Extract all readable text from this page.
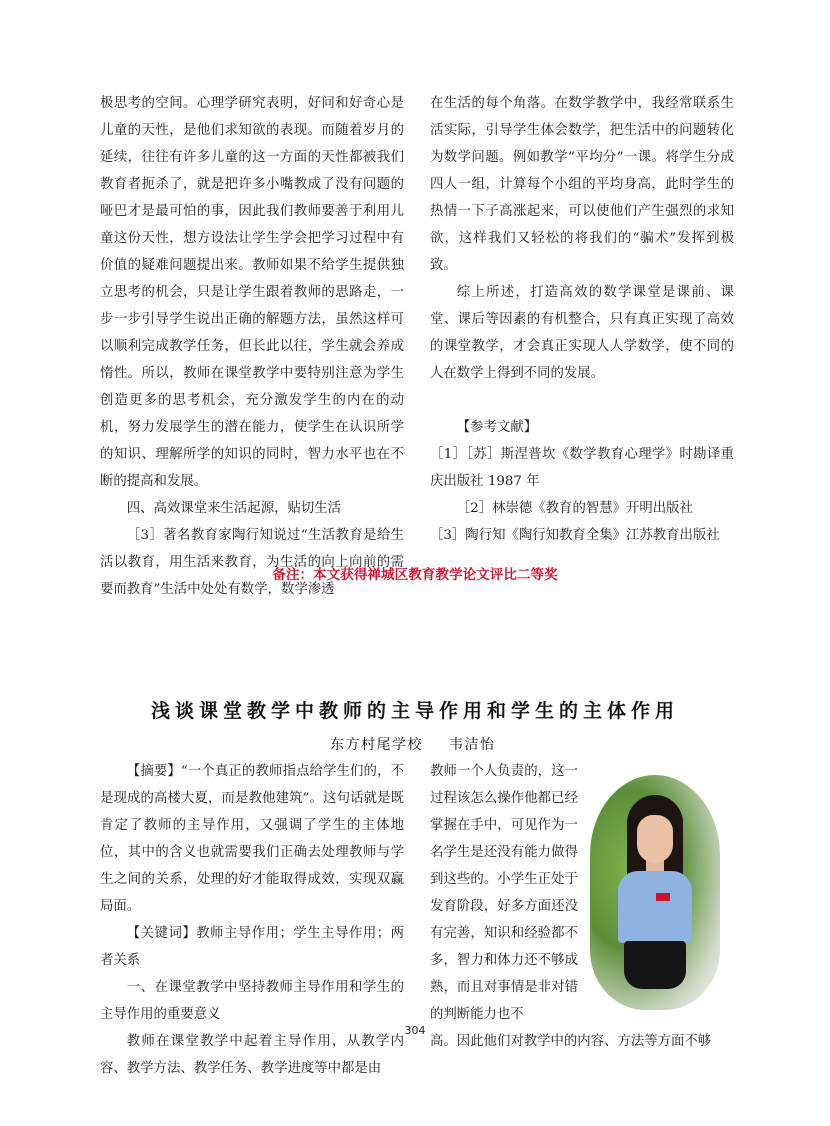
极思考的空间。心理学研究表明，好问和好奇心是儿童的天性，是他们求知欲的表现。而随着岁月的延续，往往有许多儿童的这一方面的天性都被我们教育者扼杀了，就是把许多小嘴教成了没有问题的哑巴才是最可怕的事，因此我们教师要善于利用儿童这份天性，想方设法让学生学会把学习过程中有价值的疑难问题提出来。教师如果不给学生提供独立思考的机会，只是让学生跟着教师的思路走，一步一步引导学生说出正确的解题方法，虽然这样可以顺利完成教学任务，但长此以往，学生就会养成惰性。所以，教师在课堂教学中要特别注意为学生创造更多的思考机会，充分激发学生的内在的动机，努力发展学生的潜在能力，使学生在认识所学的知识、理解所学的知识的同时，智力水平也在不断的提高和发展。

四、高效课堂来生活起源，贴切生活

［3］著名教育家陶行知说过“生活教育是给生活以教育，用生活来教育，为生活的向上向前的需要而教育”生活中处处有数学，数学渗透

在生活的每个角落。在数学教学中，我经常联系生活实际，引导学生体会数学，把生活中的问题转化为数学问题。例如教学“平均分”一课。将学生分成四人一组，计算每个小组的平均身高，此时学生的热情一下子高涨起来，可以使他们产生强烈的求知欲，这样我们又轻松的将我们的“骗术”发挥到极致。

综上所述，打造高效的数学课堂是课前、课堂、课后等因素的有机整合，只有真正实现了高效的课堂教学，才会真正实现人人学数学，使不同的人在数学上得到不同的发展。

【参考文献】

［1］［苏］斯涅普坎《数学教育心理学》时勘译重庆出版社 1987 年

［2］林崇德《教育的智慧》开明出版社

［3］陶行知《陶行知教育全集》江苏教育出版社

备注：本文获得禅城区教育教学论文评比二等奖
浅谈课堂教学中教师的主导作用和学生的主体作用
东方村尾学校 韦洁怡

【摘要】“一个真正的教师指点给学生们的，不是现成的高楼大夏，而是教他建筑”。这句话就是既肯定了教师的主导作用，又强调了学生的主体地位，其中的含义也就需要我们正确去处理教师与学生之间的关系，处理的好才能取得成效，实现双赢局面。

【关键词】教师主导作用；学生主导作用；两者关系

一、在课堂教学中坚持教师主导作用和学生的主导作用的重要意义

教师在课堂教学中起着主导作用，从教学内容、教学方法、教学任务、教学进度等中都是由

教师一个人负责的，这一过程该怎么操作他都已经掌握在手中，可见作为一名学生是还没有能力做得到这些的。小学生正处于发育阶段，好多方面还没有完善，知识和经验都不多，智力和体力还不够成熟，而且对事情是非对错的判断能力也不

高。因此他们对教学中的内容、方法等方面不够

304
